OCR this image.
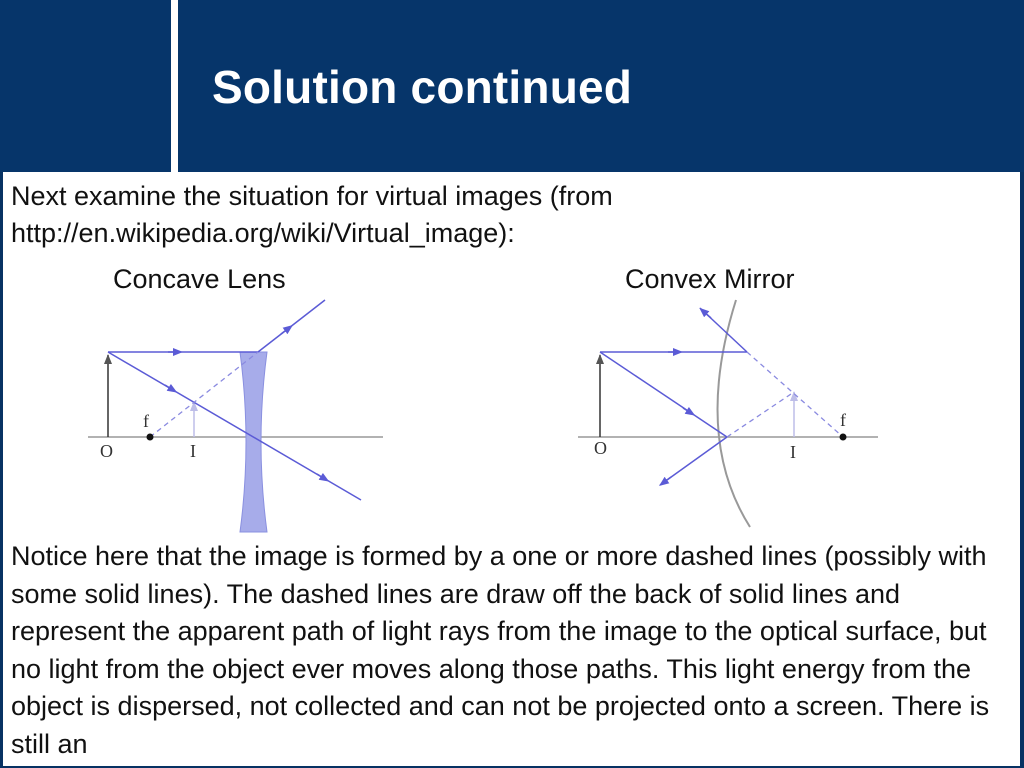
Solution continued
Next examine the situation for virtual images (from http://en.wikipedia.org/wiki/Virtual_image):
Concave Lens	Convex Mirror
O
f
I	O
f
I
Notice here that the image is formed by a one or more dashed lines (possibly with some solid lines). The dashed lines are draw off the back of solid lines and represent the apparent path of light rays from the image to the optical surface, but no light from the object ever moves along those paths. This light energy from the object is dispersed, not collected and can not be projected onto a screen. There is still an
